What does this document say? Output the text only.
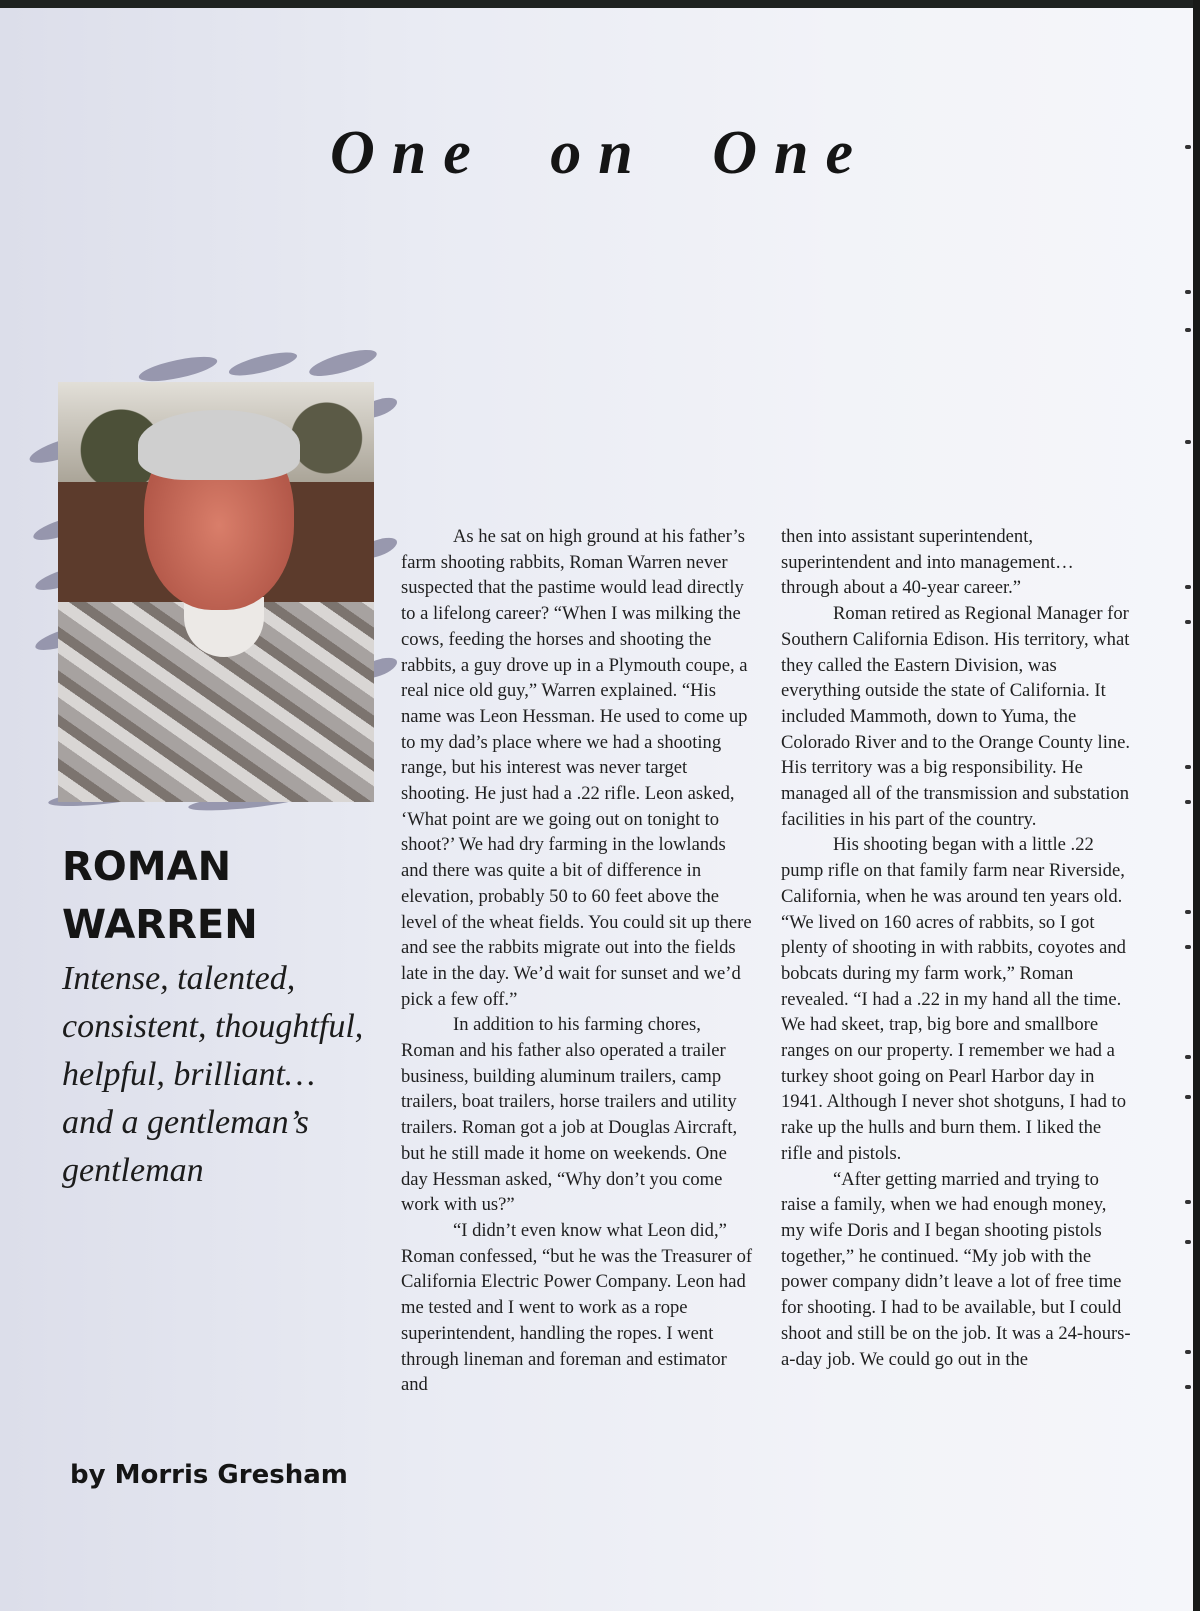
One on One
ROMAN
WARREN

Intense, talented, consistent, thoughtful, helpful, brilliant… and a gentleman’s gentleman

by Morris Gresham

As he sat on high ground at his father’s farm shooting rabbits, Roman Warren never suspected that the pastime would lead directly to a lifelong career? “When I was milking the cows, feeding the horses and shooting the rabbits, a guy drove up in a Plymouth coupe, a real nice old guy,” Warren explained. “His name was Leon Hessman. He used to come up to my dad’s place where we had a shooting range, but his interest was never target shooting. He just had a .22 rifle. Leon asked, ‘What point are we going out on tonight to shoot?’ We had dry farming in the lowlands and there was quite a bit of difference in elevation, probably 50 to 60 feet above the level of the wheat fields. You could sit up there and see the rabbits migrate out into the fields late in the day. We’d wait for sunset and we’d pick a few off.”

In addition to his farming chores, Roman and his father also operated a trailer business, building aluminum trailers, camp trailers, boat trailers, horse trailers and utility trailers. Roman got a job at Douglas Aircraft, but he still made it home on weekends. One day Hessman asked, “Why don’t you come work with us?”

“I didn’t even know what Leon did,” Roman confessed, “but he was the Treasurer of California Electric Power Company. Leon had me tested and I went to work as a rope superintendent, handling the ropes. I went through lineman and foreman and estimator and

then into assistant superintendent, superintendent and into management… through about a 40-year career.”

Roman retired as Regional Manager for Southern California Edison. His territory, what they called the Eastern Division, was everything outside the state of California. It included Mammoth, down to Yuma, the Colorado River and to the Orange County line. His territory was a big responsibility. He managed all of the transmission and substation facilities in his part of the country.

His shooting began with a little .22 pump rifle on that family farm near Riverside, California, when he was around ten years old. “We lived on 160 acres of rabbits, so I got plenty of shooting in with rabbits, coyotes and bobcats during my farm work,” Roman revealed. “I had a .22 in my hand all the time. We had skeet, trap, big bore and smallbore ranges on our property. I remember we had a turkey shoot going on Pearl Harbor day in 1941. Although I never shot shotguns, I had to rake up the hulls and burn them. I liked the rifle and pistols.

“After getting married and trying to raise a family, when we had enough money, my wife Doris and I began shooting pistols together,” he continued. “My job with the power company didn’t leave a lot of free time for shooting. I had to be available, but I could shoot and still be on the job. It was a 24-hours-a-day job. We could go out in the
